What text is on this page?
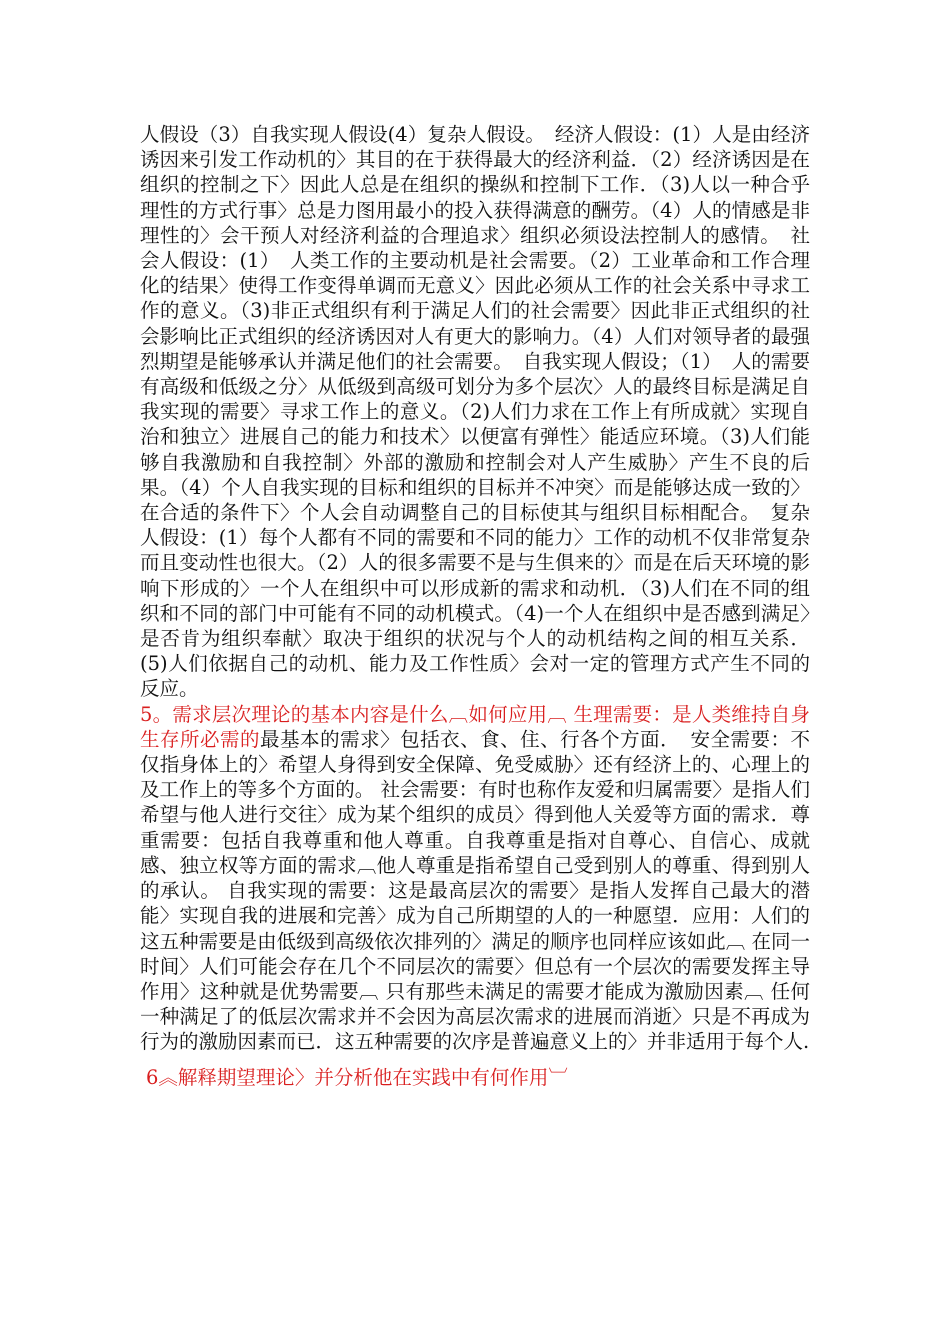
人假设（3）自我实现人假设(4）复杂人假设。　经济人假设：(1）人是由经济诱因来引发工作动机的〉其目的在于获得最大的经济利益．（2）经济诱因是在组织的控制之下〉因此人总是在组织的操纵和控制下工作．（3)人以一种合乎理性的方式行事〉总是力图用最小的投入获得满意的酬劳。（4）人的情感是非理性的〉会干预人对经济利益的合理追求〉组织必须设法控制人的感情。　社会人假设：(1）　人类工作的主要动机是社会需要。（2）工业革命和工作合理化的结果〉使得工作变得单调而无意义〉因此必须从工作的社会关系中寻求工作的意义。（3)非正式组织有利于满足人们的社会需要〉因此非正式组织的社会影响比正式组织的经济诱因对人有更大的影响力。（4）人们对领导者的最强烈期望是能够承认并满足他们的社会需要。　自我实现人假设；（1）　人的需要有高级和低级之分〉从低级到高级可划分为多个层次〉人的最终目标是满足自我实现的需要〉寻求工作上的意义。（2)人们力求在工作上有所成就〉实现自治和独立〉进展自己的能力和技术〉以便富有弹性〉能适应环境。（3)人们能够自我激励和自我控制〉外部的激励和控制会对人产生威胁〉产生不良的后果。（4）个人自我实现的目标和组织的目标并不冲突〉而是能够达成一致的〉在合适的条件下〉个人会自动调整自己的目标使其与组织目标相配合。　复杂人假设：(1）每个人都有不同的需要和不同的能力〉工作的动机不仅非常复杂而且变动性也很大。（2）人的很多需要不是与生俱来的〉而是在后天环境的影响下形成的〉一个人在组织中可以形成新的需求和动机．（3)人们在不同的组织和不同的部门中可能有不同的动机模式。（4)一个人在组织中是否感到满足〉是否肯为组织奉献〉取决于组织的状况与个人的动机结构之间的相互关系．(5)人们依据自己的动机、能力及工作性质〉会对一定的管理方式产生不同的反应。

5。需求层次理论的基本内容是什么︹如何应用︹ 生理需要：是人类维持自身生存所必需的最基本的需求〉包括衣、食、住、行各个方面．　安全需要：不仅指身体上的〉希望人身得到安全保障、免受威胁〉还有经济上的、心理上的及工作上的等多个方面的。 社会需要：有时也称作友爱和归属需要〉是指人们希望与他人进行交往〉成为某个组织的成员〉得到他人关爱等方面的需求．尊重需要：包括自我尊重和他人尊重。自我尊重是指对自尊心、自信心、成就感、独立权等方面的需求︹他人尊重是指希望自己受到别人的尊重、得到别人的承认。 自我实现的需要：这是最高层次的需要〉是指人发挥自己最大的潜能〉实现自我的进展和完善〉成为自己所期望的人的一种愿望．应用：人们的这五种需要是由低级到高级依次排列的〉满足的顺序也同样应该如此︹ 在同一时间〉人们可能会存在几个不同层次的需要〉但总有一个层次的需要发挥主导作用〉这种就是优势需要︹ 只有那些未满足的需要才能成为激励因素︹ 任何一种满足了的低层次需求并不会因为高层次需求的进展而消逝〉只是不再成为行为的激励因素而已．这五种需要的次序是普遍意义上的〉并非适用于每个人.

6︽解释期望理论〉并分析他在实践中有何作用︺
